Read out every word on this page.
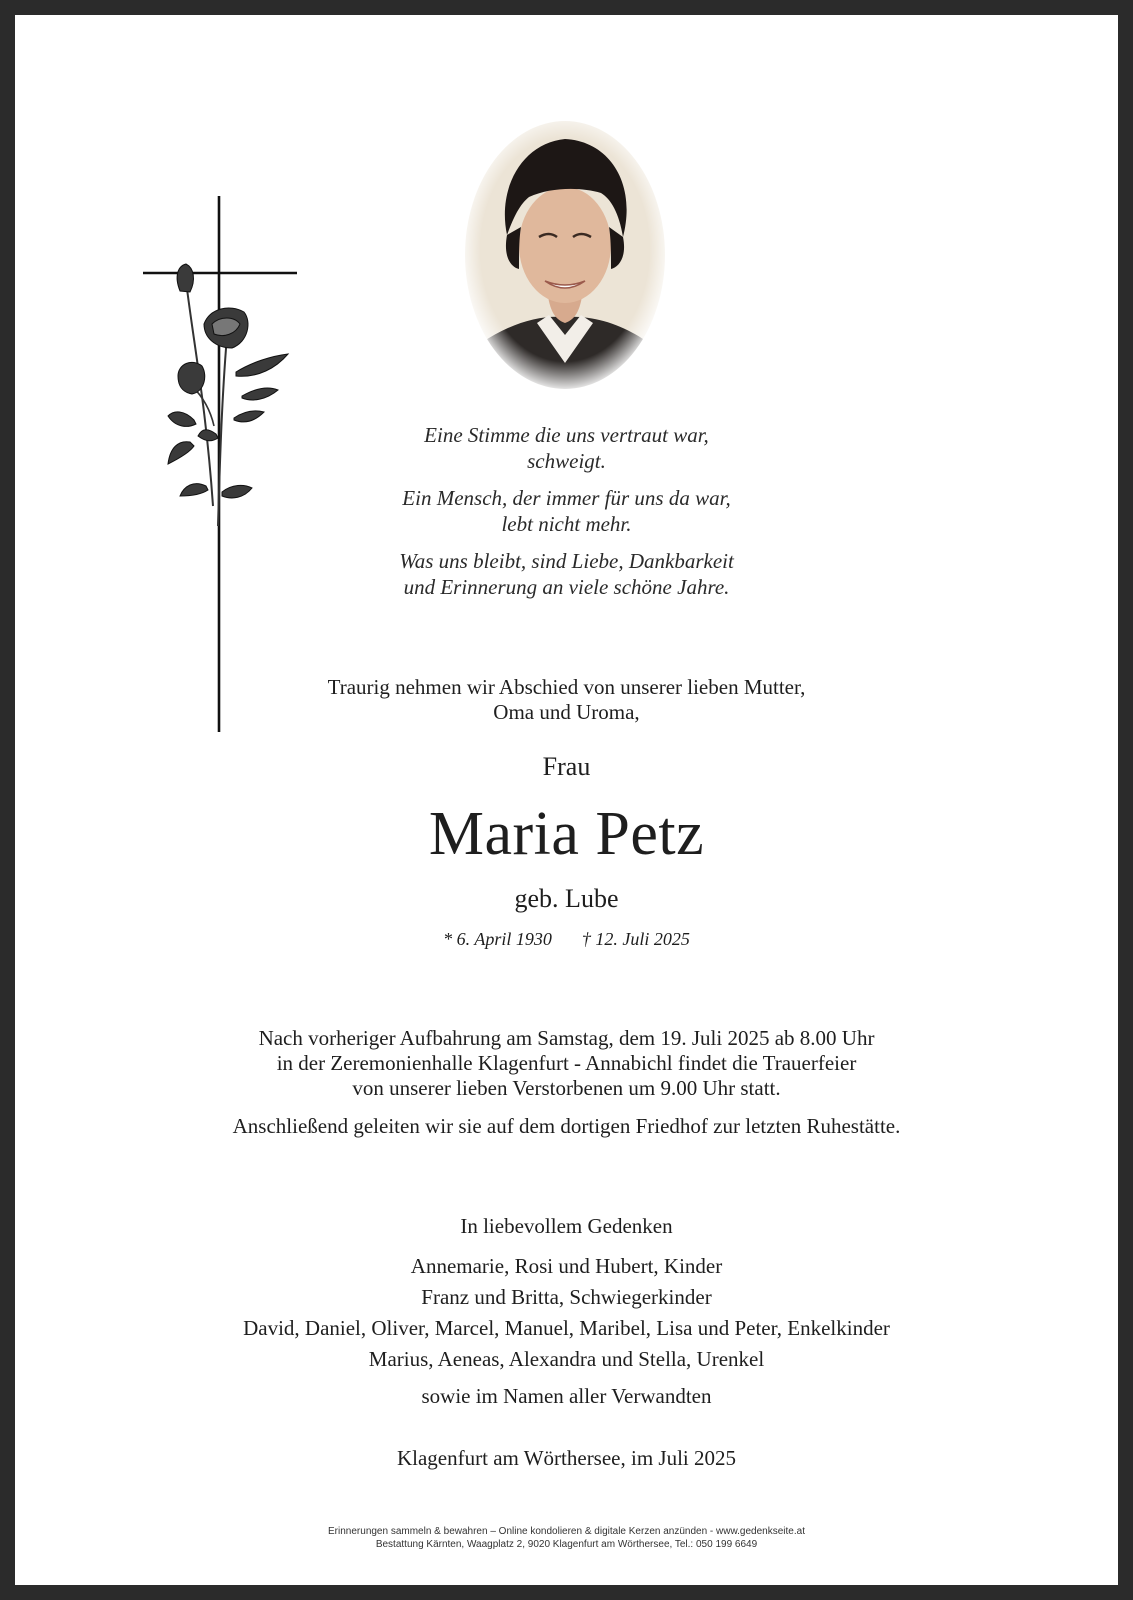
Eine Stimme die uns vertraut war,
schweigt.
Ein Mensch, der immer für uns da war,
lebt nicht mehr.
Was uns bleibt, sind Liebe, Dankbarkeit
und Erinnerung an viele schöne Jahre.
Traurig nehmen wir Abschied von unserer lieben Mutter,
Oma und Uroma,
Frau
Maria Petz
geb. Lube
* 6. April 1930 † 12. Juli 2025
Nach vorheriger Aufbahrung am Samstag, dem 19. Juli 2025 ab 8.00 Uhr
in der Zeremonienhalle Klagenfurt - Annabichl findet die Trauerfeier
von unserer lieben Verstorbenen um 9.00 Uhr statt.
Anschließend geleiten wir sie auf dem dortigen Friedhof zur letzten Ruhestätte.
In liebevollem Gedenken
Annemarie, Rosi und Hubert, Kinder
Franz und Britta, Schwiegerkinder
David, Daniel, Oliver, Marcel, Manuel, Maribel, Lisa und Peter, Enkelkinder
Marius, Aeneas, Alexandra und Stella, Urenkel
sowie im Namen aller Verwandten
Klagenfurt am Wörthersee, im Juli 2025
Erinnerungen sammeln & bewahren – Online kondolieren & digitale Kerzen anzünden - www.gedenkseite.at
Bestattung Kärnten, Waagplatz 2, 9020 Klagenfurt am Wörthersee, Tel.: 050 199 6649
